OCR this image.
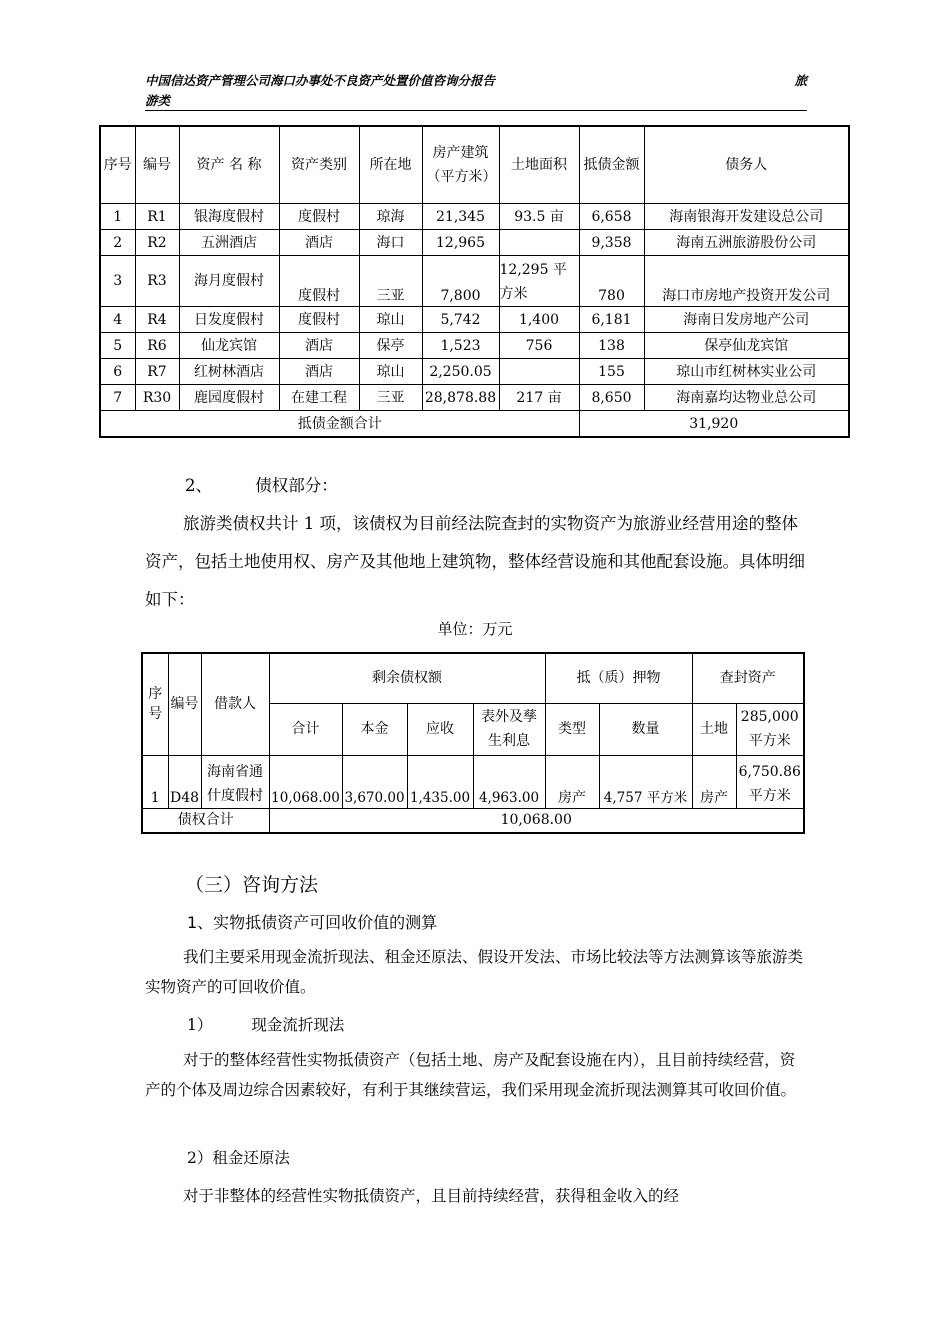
中国信达资产管理公司海口办事处不良资产处置价值咨询分报告	旅
游类
序号	编号	资产 名 称	资产类别	所在地	房产建筑（平方米）	土地面积	抵债金额	债务人
1	R1	银海度假村	度假村	琼海	21,345	93.5 亩	6,658	海南银海开发建设总公司
2	R2	五洲酒店	酒店	海口	12,965		9,358	海南五洲旅游股份公司
3	R3	海月度假村	度假村	三亚	7,800	12,295 平方米	780	海口市房地产投资开发公司
4	R4	日发度假村	度假村	琼山	5,742	1,400	6,181	海南日发房地产公司
5	R6	仙龙宾馆	酒店	保亭	1,523	756	138	保亭仙龙宾馆
6	R7	红树林酒店	酒店	琼山	2,250.05		155	琼山市红树林实业公司
7	R30	鹿园度假村	在建工程	三亚	28,878.88	217 亩	8,650	海南嘉均达物业总公司
抵债金额合计							31,920	
2、	债权部分：
旅游类债权共计 1 项，该债权为目前经法院查封的实物资产为旅游业经营用途的整体资产，包括土地使用权、房产及其他地上建筑物，整体经营设施和其他配套设施。具体明细如下：
单位：万元
序号	编号	借款人	剩余债权额				抵（质）押物		查封资产	
			合计	本金	应收	表外及孳生利息	类型	数量	土地	285,000 平方米
1	D48	海南省通什度假村	10,068.00	3,670.00	1,435.00	4,963.00	房产	4,757 平方米	房产	6,750.86 平方米
债权合计			10,068.00							
（三）咨询方法
1、实物抵债资产可回收价值的测算
我们主要采用现金流折现法、租金还原法、假设开发法、市场比较法等方法测算该等旅游类实物资产的可回收价值。
1）	现金流折现法
对于的整体经营性实物抵债资产（包括土地、房产及配套设施在内），且目前持续经营，资产的个体及周边综合因素较好，有利于其继续营运，我们采用现金流折现法测算其可收回价值。
2）租金还原法
对于非整体的经营性实物抵债资产，且目前持续经营，获得租金收入的经
